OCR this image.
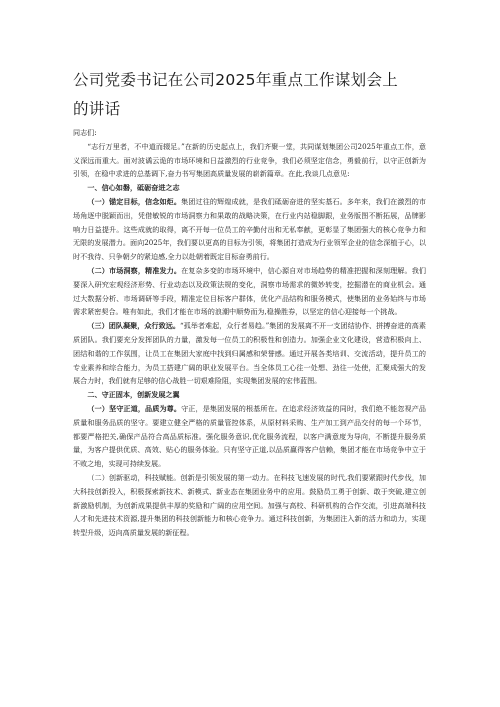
公司党委书记在公司2025年重点工作谋划会上的讲话

同志们:

“志行万里者，不中道而辍足。”在新的历史起点上，我们齐聚一堂，共同谋划集团公司2025年重点工作，意义深远而重大。面对波谲云诡的市场环境和日益激烈的行业竞争，我们必须坚定信念，勇毅前行，以守正创新为引领，在稳中求进的总基调下,奋力书写集团高质量发展的崭新篇章。在此,我谈几点意见:

一、信心如磐，砥砺奋进之志

（一）锚定目标，信念如炬。集团过往的辉煌成就，是我们砥砺奋进的坚实基石。多年来，我们在激烈的市场角逐中脱颖而出，凭借敏锐的市场洞察力和果敢的战略决策，在行业内站稳脚跟，业务版图不断拓展，品牌影响力日益提升。这些成就的取得，离不开每一位员工的辛勤付出和无私奉献，更彰显了集团强大的核心竞争力和无限的发展潜力。面向2025年，我们要以更高的目标为引领，将集团打造成为行业领军企业的信念深植于心，以时不我待、只争朝夕的紧迫感,全力以赴朝着既定目标奋勇前行。

（二）市场洞察，精准发力。在复杂多变的市场环境中，信心源自对市场趋势的精准把握和深刻理解。我们要深入研究宏观经济形势、行业动态以及政策法规的变化，洞察市场需求的微妙转变，挖掘潜在的商业机会。通过大数据分析、市场调研等手段，精准定位目标客户群体，优化产品结构和服务模式，使集团的业务始终与市场需求紧密契合。唯有如此，我们才能在市场的浪潮中顺势而为,稳操胜券，以坚定的信心迎接每一个挑战。

（三）团队凝聚，众行致远。“孤举者难起，众行者易趋。”集团的发展离不开一支团结协作、拼搏奋进的高素质团队。我们要充分发挥团队的力量，激发每一位员工的积极性和创造力。加强企业文化建设，营造积极向上、团结和谐的工作氛围，让员工在集团大家庭中找到归属感和荣誉感。通过开展各类培训、交流活动，提升员工的专业素养和综合能力，为员工搭建广阔的职业发展平台。当全体员工心往一处想、劲往一处使，汇聚成强大的发展合力时，我们就有足够的信心战胜一切艰难险阻，实现集团发展的宏伟蓝图。

二、守正固本，创新发展之翼

（一）坚守正道，品质为尊。守正，是集团发展的根基所在。在追求经济效益的同时，我们绝不能忽视产品质量和服务品质的坚守。要建立健全严格的质量管控体系，从原材料采购、生产加工到产品交付的每一个环节，都要严格把关,确保产品符合高品质标准。强化服务意识,优化服务流程，以客户满意度为导向，不断提升服务质量，为客户提供优质、高效、贴心的服务体验。只有坚守正道,以品质赢得客户信赖，集团才能在市场竞争中立于不败之地，实现可持续发展。

（二）创新驱动，科技赋能。创新是引领发展的第一动力。在科技飞速发展的时代,我们要紧跟时代步伐，加大科技创新投入，积极探索新技术、新模式、新业态在集团业务中的应用。鼓励员工勇于创新、敢于突破,建立创新激励机制，为创新成果提供丰厚的奖励和广阔的应用空间。加强与高校、科研机构的合作交流，引进高端科技人才和先进技术资源,提升集团的科技创新能力和核心竞争力。通过科技创新，为集团注入新的活力和动力，实现转型升级，迈向高质量发展的新征程。
